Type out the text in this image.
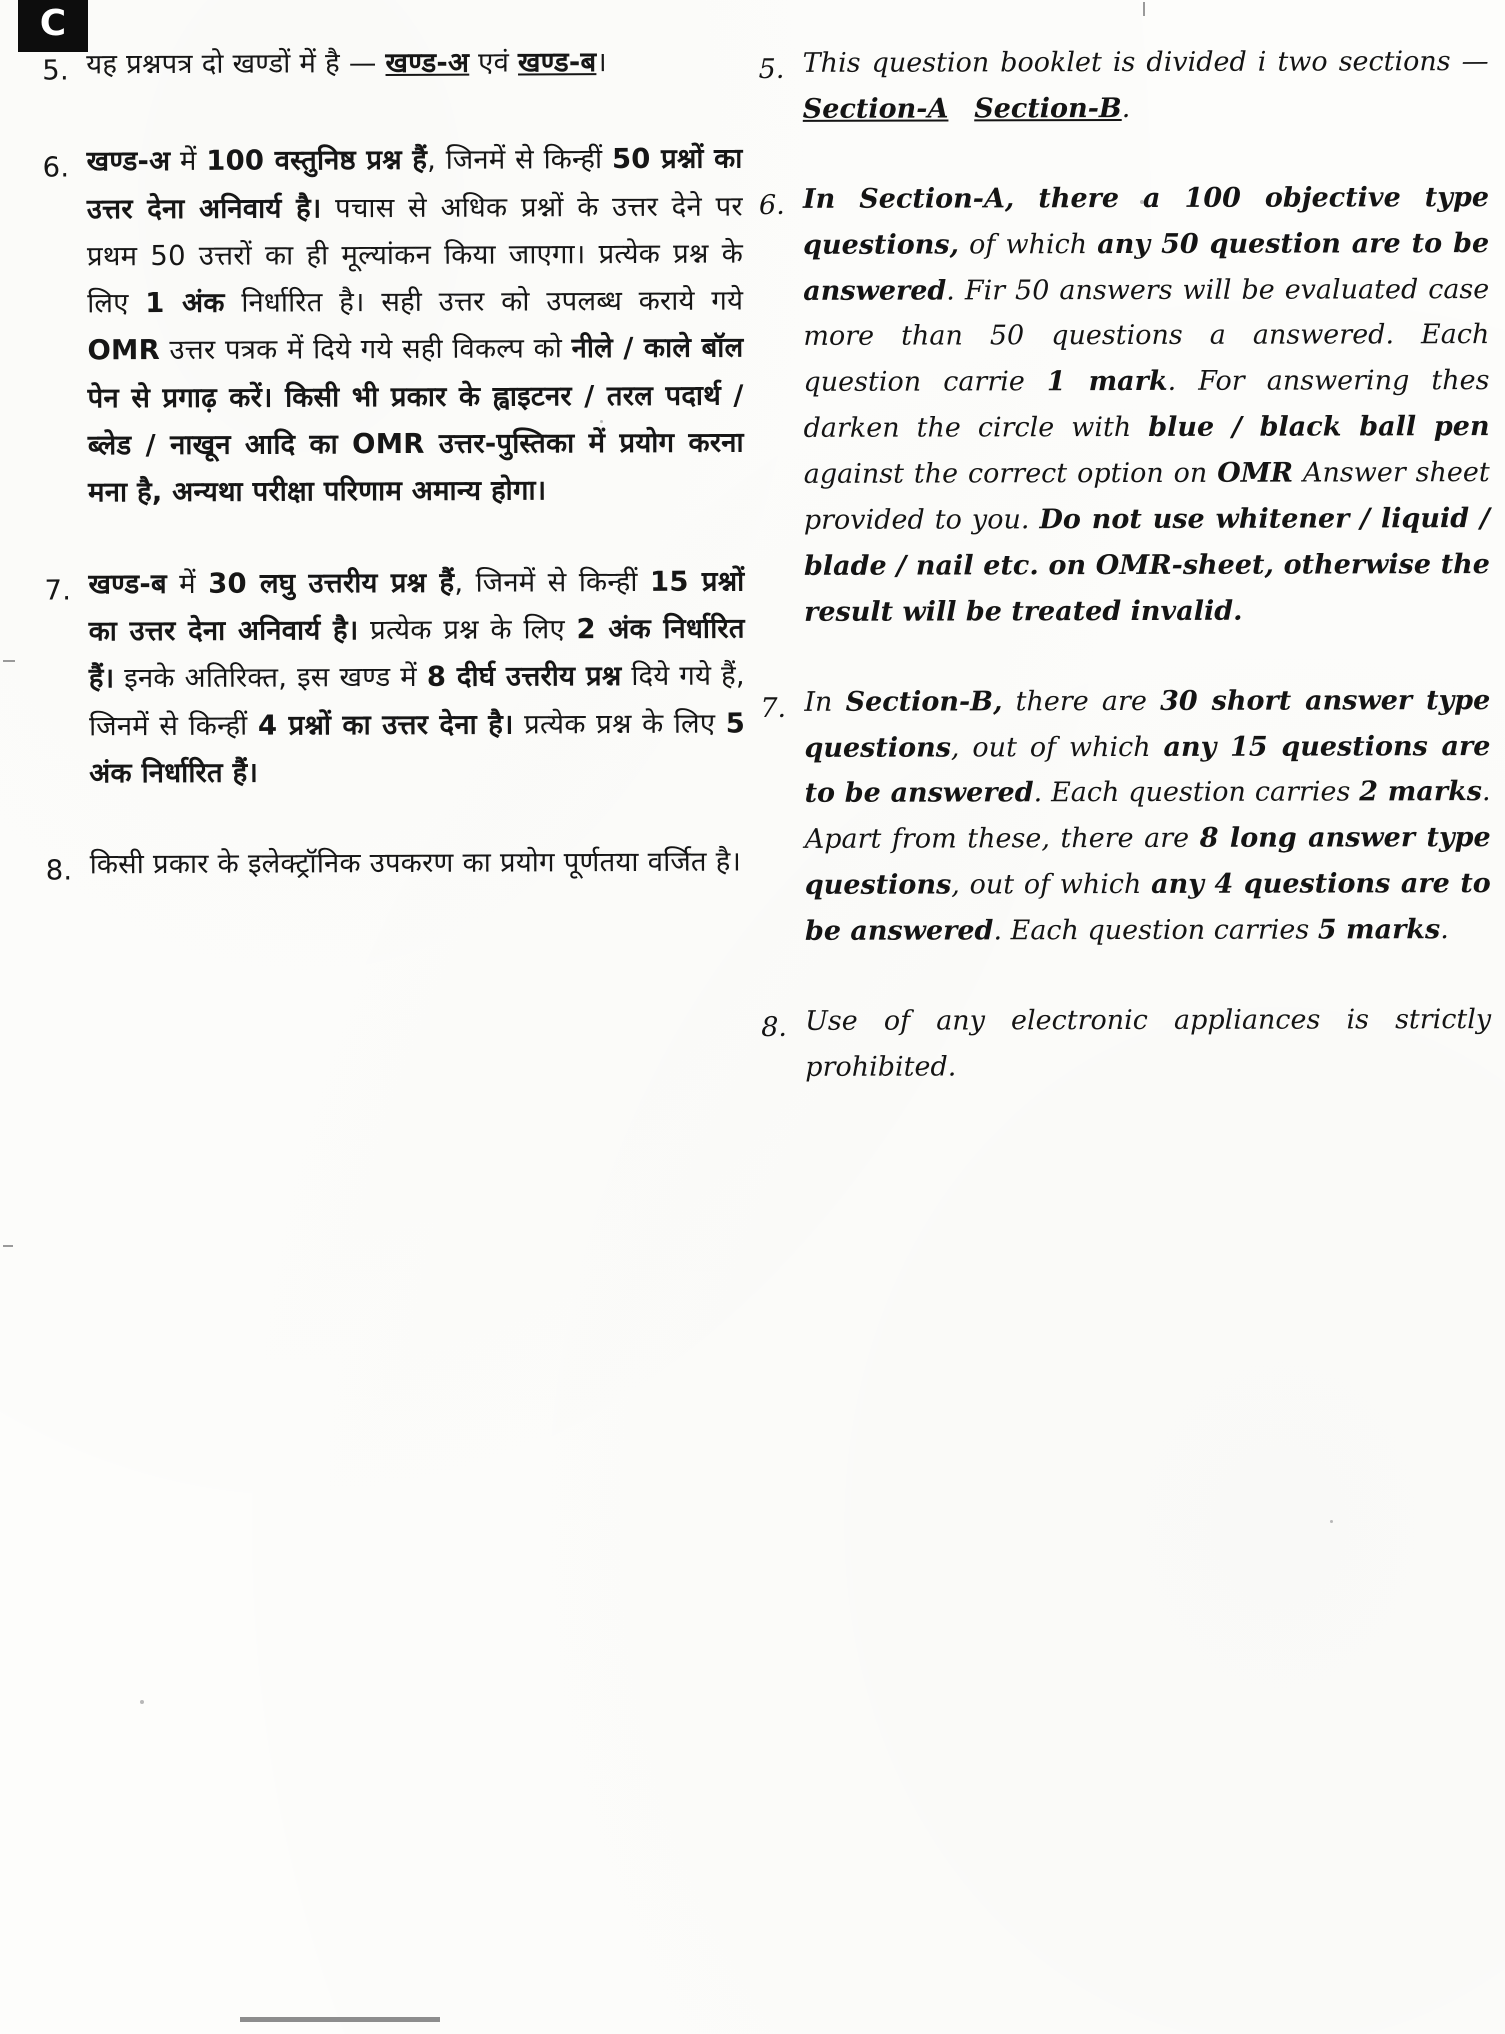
C
5. यह प्रश्नपत्र दो खण्डों में है — खण्ड-अ एवं खण्ड-ब।
6. खण्ड-अ में 100 वस्तुनिष्ठ प्रश्न हैं, जिनमें से किन्हीं 50 प्रश्नों का उत्तर देना अनिवार्य है। पचास से अधिक प्रश्नों के उत्तर देने पर प्रथम 50 उत्तरों का ही मूल्यांकन किया जाएगा। प्रत्येक प्रश्न के लिए 1 अंक निर्धारित है। सही उत्तर को उपलब्ध कराये गये OMR उत्तर पत्रक में दिये गये सही विकल्प को नीले / काले बॉल पेन से प्रगाढ़ करें। किसी भी प्रकार के ह्वाइटनर / तरल पदार्थ / ब्लेड / नाखून आदि का OMR उत्तर-पुस्तिका में प्रयोग करना मना है, अन्यथा परीक्षा परिणाम अमान्य होगा।
7. खण्ड-ब में 30 लघु उत्तरीय प्रश्न हैं, जिनमें से किन्हीं 15 प्रश्नों का उत्तर देना अनिवार्य है। प्रत्येक प्रश्न के लिए 2 अंक निर्धारित हैं। इनके अतिरिक्त, इस खण्ड में 8 दीर्घ उत्तरीय प्रश्न दिये गये हैं, जिनमें से किन्हीं 4 प्रश्नों का उत्तर देना है। प्रत्येक प्रश्न के लिए 5 अंक निर्धारित हैं।
8. किसी प्रकार के इलेक्ट्रॉनिक उपकरण का प्रयोग पूर्णतया वर्जित है।
5. This question booklet is divided i two sections — Section-A Section-B.
6. In Section-A, there a 100 objective type questions, of which any 50 question are to be answered. Fir 50 answers will be evaluated case more than 50 questions a answered. Each question carrie 1 mark. For answering thes darken the circle with blue / black ball pen against the correct option on OMR Answer sheet provided to you. Do not use whitener / liquid / blade / nail etc. on OMR-sheet, otherwise the result will be treated invalid.
7. In Section-B, there are 30 short answer type questions, out of which any 15 questions are to be answered. Each question carries 2 marks. Apart from these, there are 8 long answer type questions, out of which any 4 questions are to be answered. Each question carries 5 marks.
8. Use of any electronic appliances is strictly prohibited.
